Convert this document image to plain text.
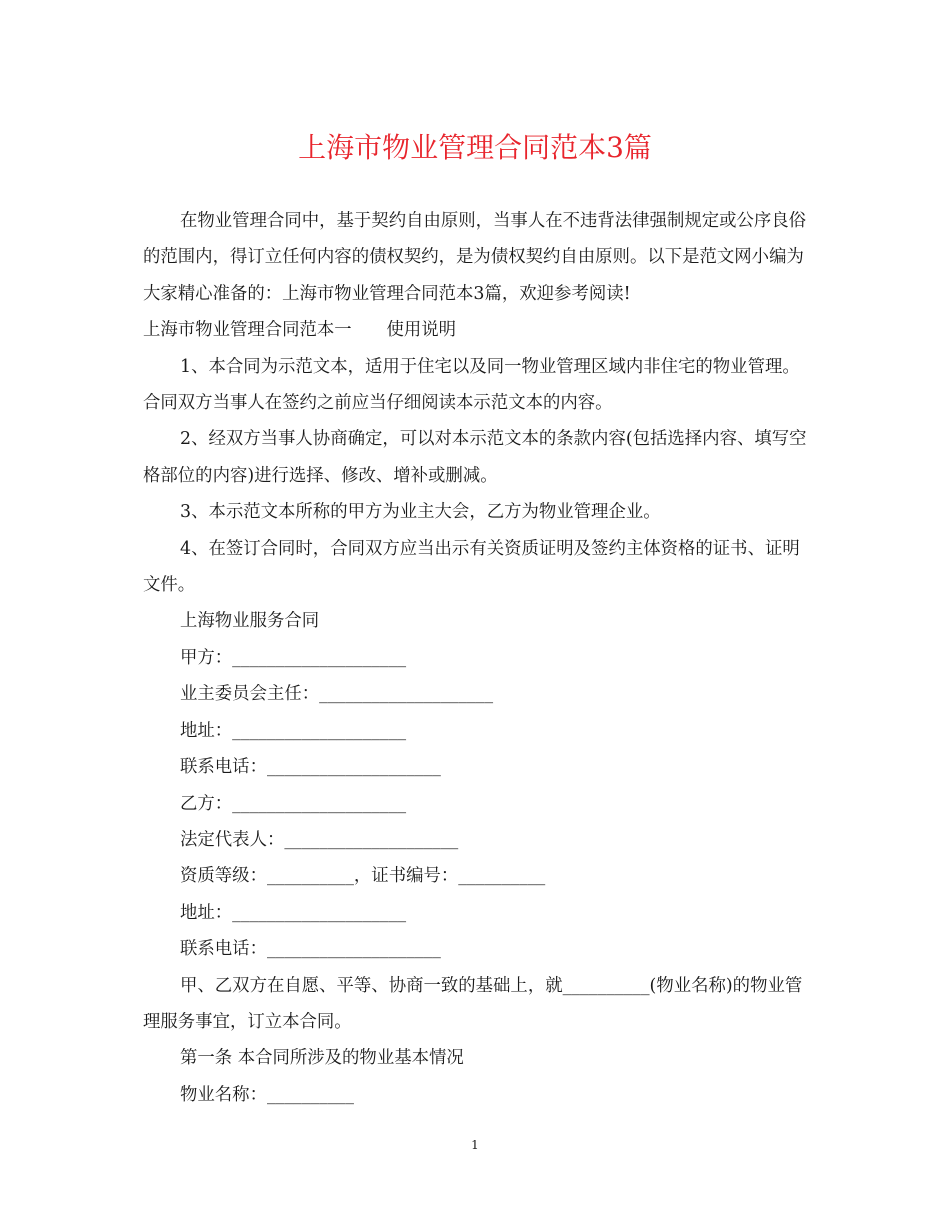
上海市物业管理合同范本3篇

在物业管理合同中，基于契约自由原则，当事人在不违背法律强制规定或公序良俗的范围内，得订立任何内容的债权契约，是为债权契约自由原则。以下是范文网小编为大家精心准备的：上海市物业管理合同范本3篇，欢迎参考阅读!

上海市物业管理合同范本一　　使用说明

1、本合同为示范文本，适用于住宅以及同一物业管理区域内非住宅的物业管理。合同双方当事人在签约之前应当仔细阅读本示范文本的内容。

2、经双方当事人协商确定，可以对本示范文本的条款内容(包括选择内容、填写空格部位的内容)进行选择、修改、增补或删减。

3、本示范文本所称的甲方为业主大会，乙方为物业管理企业。

4、在签订合同时，合同双方应当出示有关资质证明及签约主体资格的证书、证明文件。

上海物业服务合同

甲方：____________________

业主委员会主任：____________________

地址：____________________

联系电话：____________________

乙方：____________________

法定代表人：____________________

资质等级：__________，证书编号：__________

地址：____________________

联系电话：____________________

甲、乙双方在自愿、平等、协商一致的基础上，就__________(物业名称)的物业管理服务事宜，订立本合同。

第一条 本合同所涉及的物业基本情况

物业名称：__________

1
